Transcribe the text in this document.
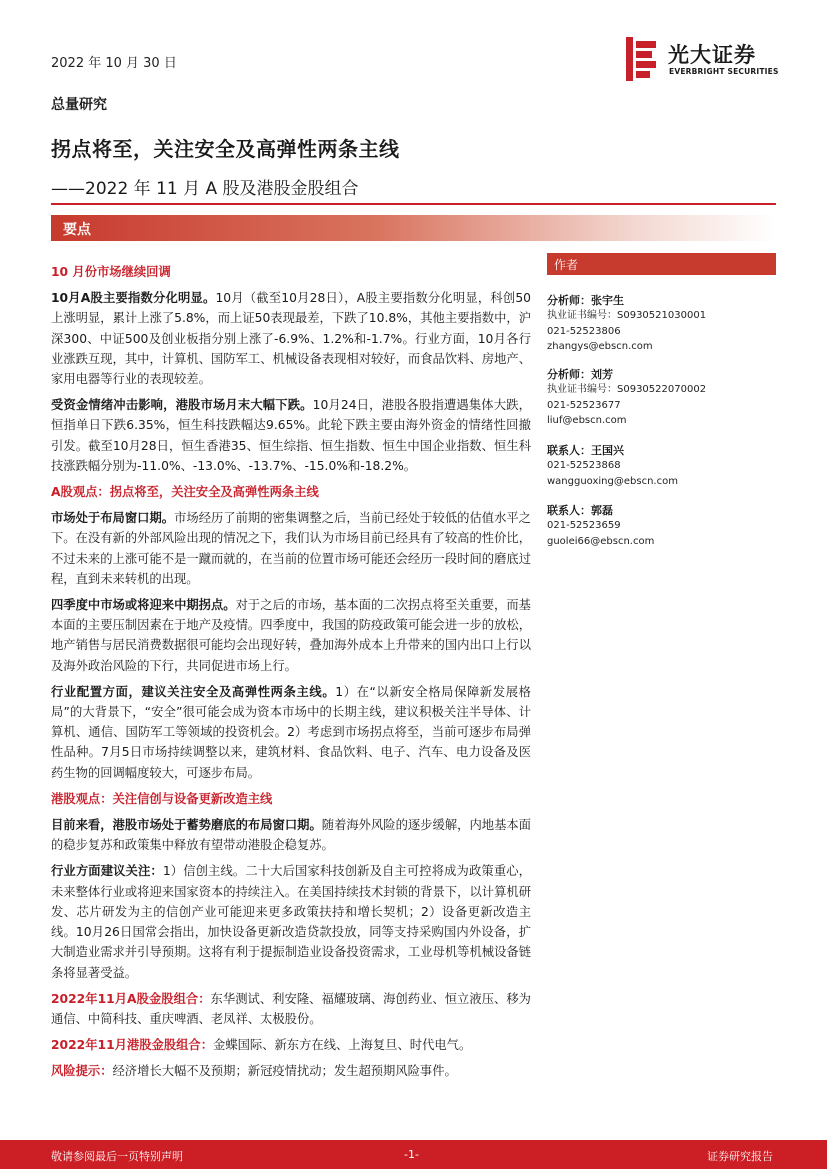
2022 年 10 月 30 日	光大证券
EVERBRIGHT SECURITIES
总量研究
拐点将至，关注安全及高弹性两条主线
——2022 年 11 月 A 股及港股金股组合
要点
10 月份市场继续回调
10月A股主要指数分化明显。10月（截至10月28日），A股主要指数分化明显，科创50上涨明显，累计上涨了5.8%，而上证50表现最差，下跌了10.8%，其他主要指数中，沪深300、中证500及创业板指分别上涨了-6.9%、1.2%和-1.7%。行业方面，10月各行业涨跌互现，其中，计算机、国防军工、机械设备表现相对较好，而食品饮料、房地产、家用电器等行业的表现较差。
受资金情绪冲击影响，港股市场月末大幅下跌。10月24日，港股各股指遭遇集体大跌，恒指单日下跌6.35%，恒生科技跌幅达9.65%。此轮下跌主要由海外资金的情绪性回撤引发。截至10月28日，恒生香港35、恒生综指、恒生指数、恒生中国企业指数、恒生科技涨跌幅分别为-11.0%、-13.0%、-13.7%、-15.0%和-18.2%。
A股观点：拐点将至，关注安全及高弹性两条主线
市场处于布局窗口期。市场经历了前期的密集调整之后，当前已经处于较低的估值水平之下。在没有新的外部风险出现的情况之下，我们认为市场目前已经具有了较高的性价比，不过未来的上涨可能不是一蹴而就的，在当前的位置市场可能还会经历一段时间的磨底过程，直到未来转机的出现。
四季度中市场或将迎来中期拐点。对于之后的市场，基本面的二次拐点将至关重要，而基本面的主要压制因素在于地产及疫情。四季度中，我国的防疫政策可能会进一步的放松，地产销售与居民消费数据很可能均会出现好转，叠加海外成本上升带来的国内出口上行以及海外政治风险的下行，共同促进市场上行。
行业配置方面，建议关注安全及高弹性两条主线。1）在“以新安全格局保障新发展格局”的大背景下，“安全”很可能会成为资本市场中的长期主线，建议积极关注半导体、计算机、通信、国防军工等领域的投资机会。2）考虑到市场拐点将至，当前可逐步布局弹性品种。7月5日市场持续调整以来，建筑材料、食品饮料、电子、汽车、电力设备及医药生物的回调幅度较大，可逐步布局。
港股观点：关注信创与设备更新改造主线
目前来看，港股市场处于蓄势磨底的布局窗口期。随着海外风险的逐步缓解，内地基本面的稳步复苏和政策集中释放有望带动港股企稳复苏。
行业方面建议关注：1）信创主线。二十大后国家科技创新及自主可控将成为政策重心，未来整体行业或将迎来国家资本的持续注入。在美国持续技术封锁的背景下，以计算机研发、芯片研发为主的信创产业可能迎来更多政策扶持和增长契机；2）设备更新改造主线。10月26日国常会指出，加快设备更新改造贷款投放，同等支持采购国内外设备，扩大制造业需求并引导预期。这将有利于提振制造业设备投资需求，工业母机等机械设备链条将显著受益。
2022年11月A股金股组合：东华测试、利安隆、福耀玻璃、海创药业、恒立液压、移为通信、中简科技、重庆啤酒、老凤祥、太极股份。
2022年11月港股金股组合：金蝶国际、新东方在线、上海复旦、时代电气。
风险提示：经济增长大幅不及预期；新冠疫情扰动；发生超预期风险事件。
作者
分析师：张宇生
执业证书编号：S0930521030001
021-52523806
zhangys@ebscn.com
分析师：刘芳
执业证书编号：S0930522070002
021-52523677
liuf@ebscn.com
联系人：王国兴
021-52523868
wangguoxing@ebscn.com
联系人：郭磊
021-52523659
guolei66@ebscn.com
敬请参阅最后一页特别声明	-1-	证券研究报告
